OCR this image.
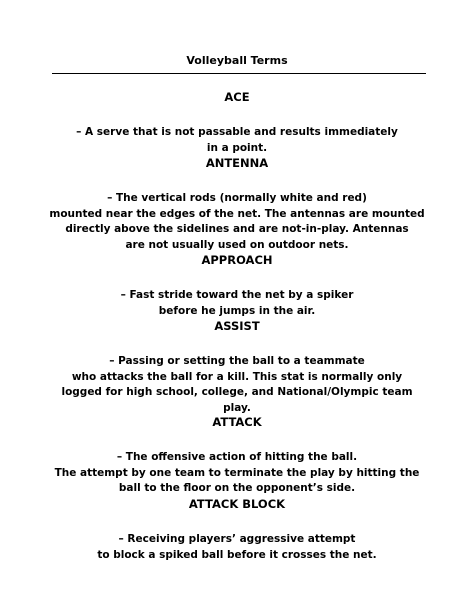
Volleyball Terms
ACE
– A serve that is not passable and results immediately
in a point.
ANTENNA
– The vertical rods (normally white and red)
mounted near the edges of the net. The antennas are mounted
directly above the sidelines and are not-in-play. Antennas
are not usually used on outdoor nets.
APPROACH
– Fast stride toward the net by a spiker
before he jumps in the air.
ASSIST
– Passing or setting the ball to a teammate
who attacks the ball for a kill. This stat is normally only
logged for high school, college, and National/Olympic team
play.
ATTACK
– The offensive action of hitting the ball.
The attempt by one team to terminate the play by hitting the
ball to the floor on the opponent’s side.
ATTACK BLOCK
– Receiving players’ aggressive attempt
to block a spiked ball before it crosses the net.
